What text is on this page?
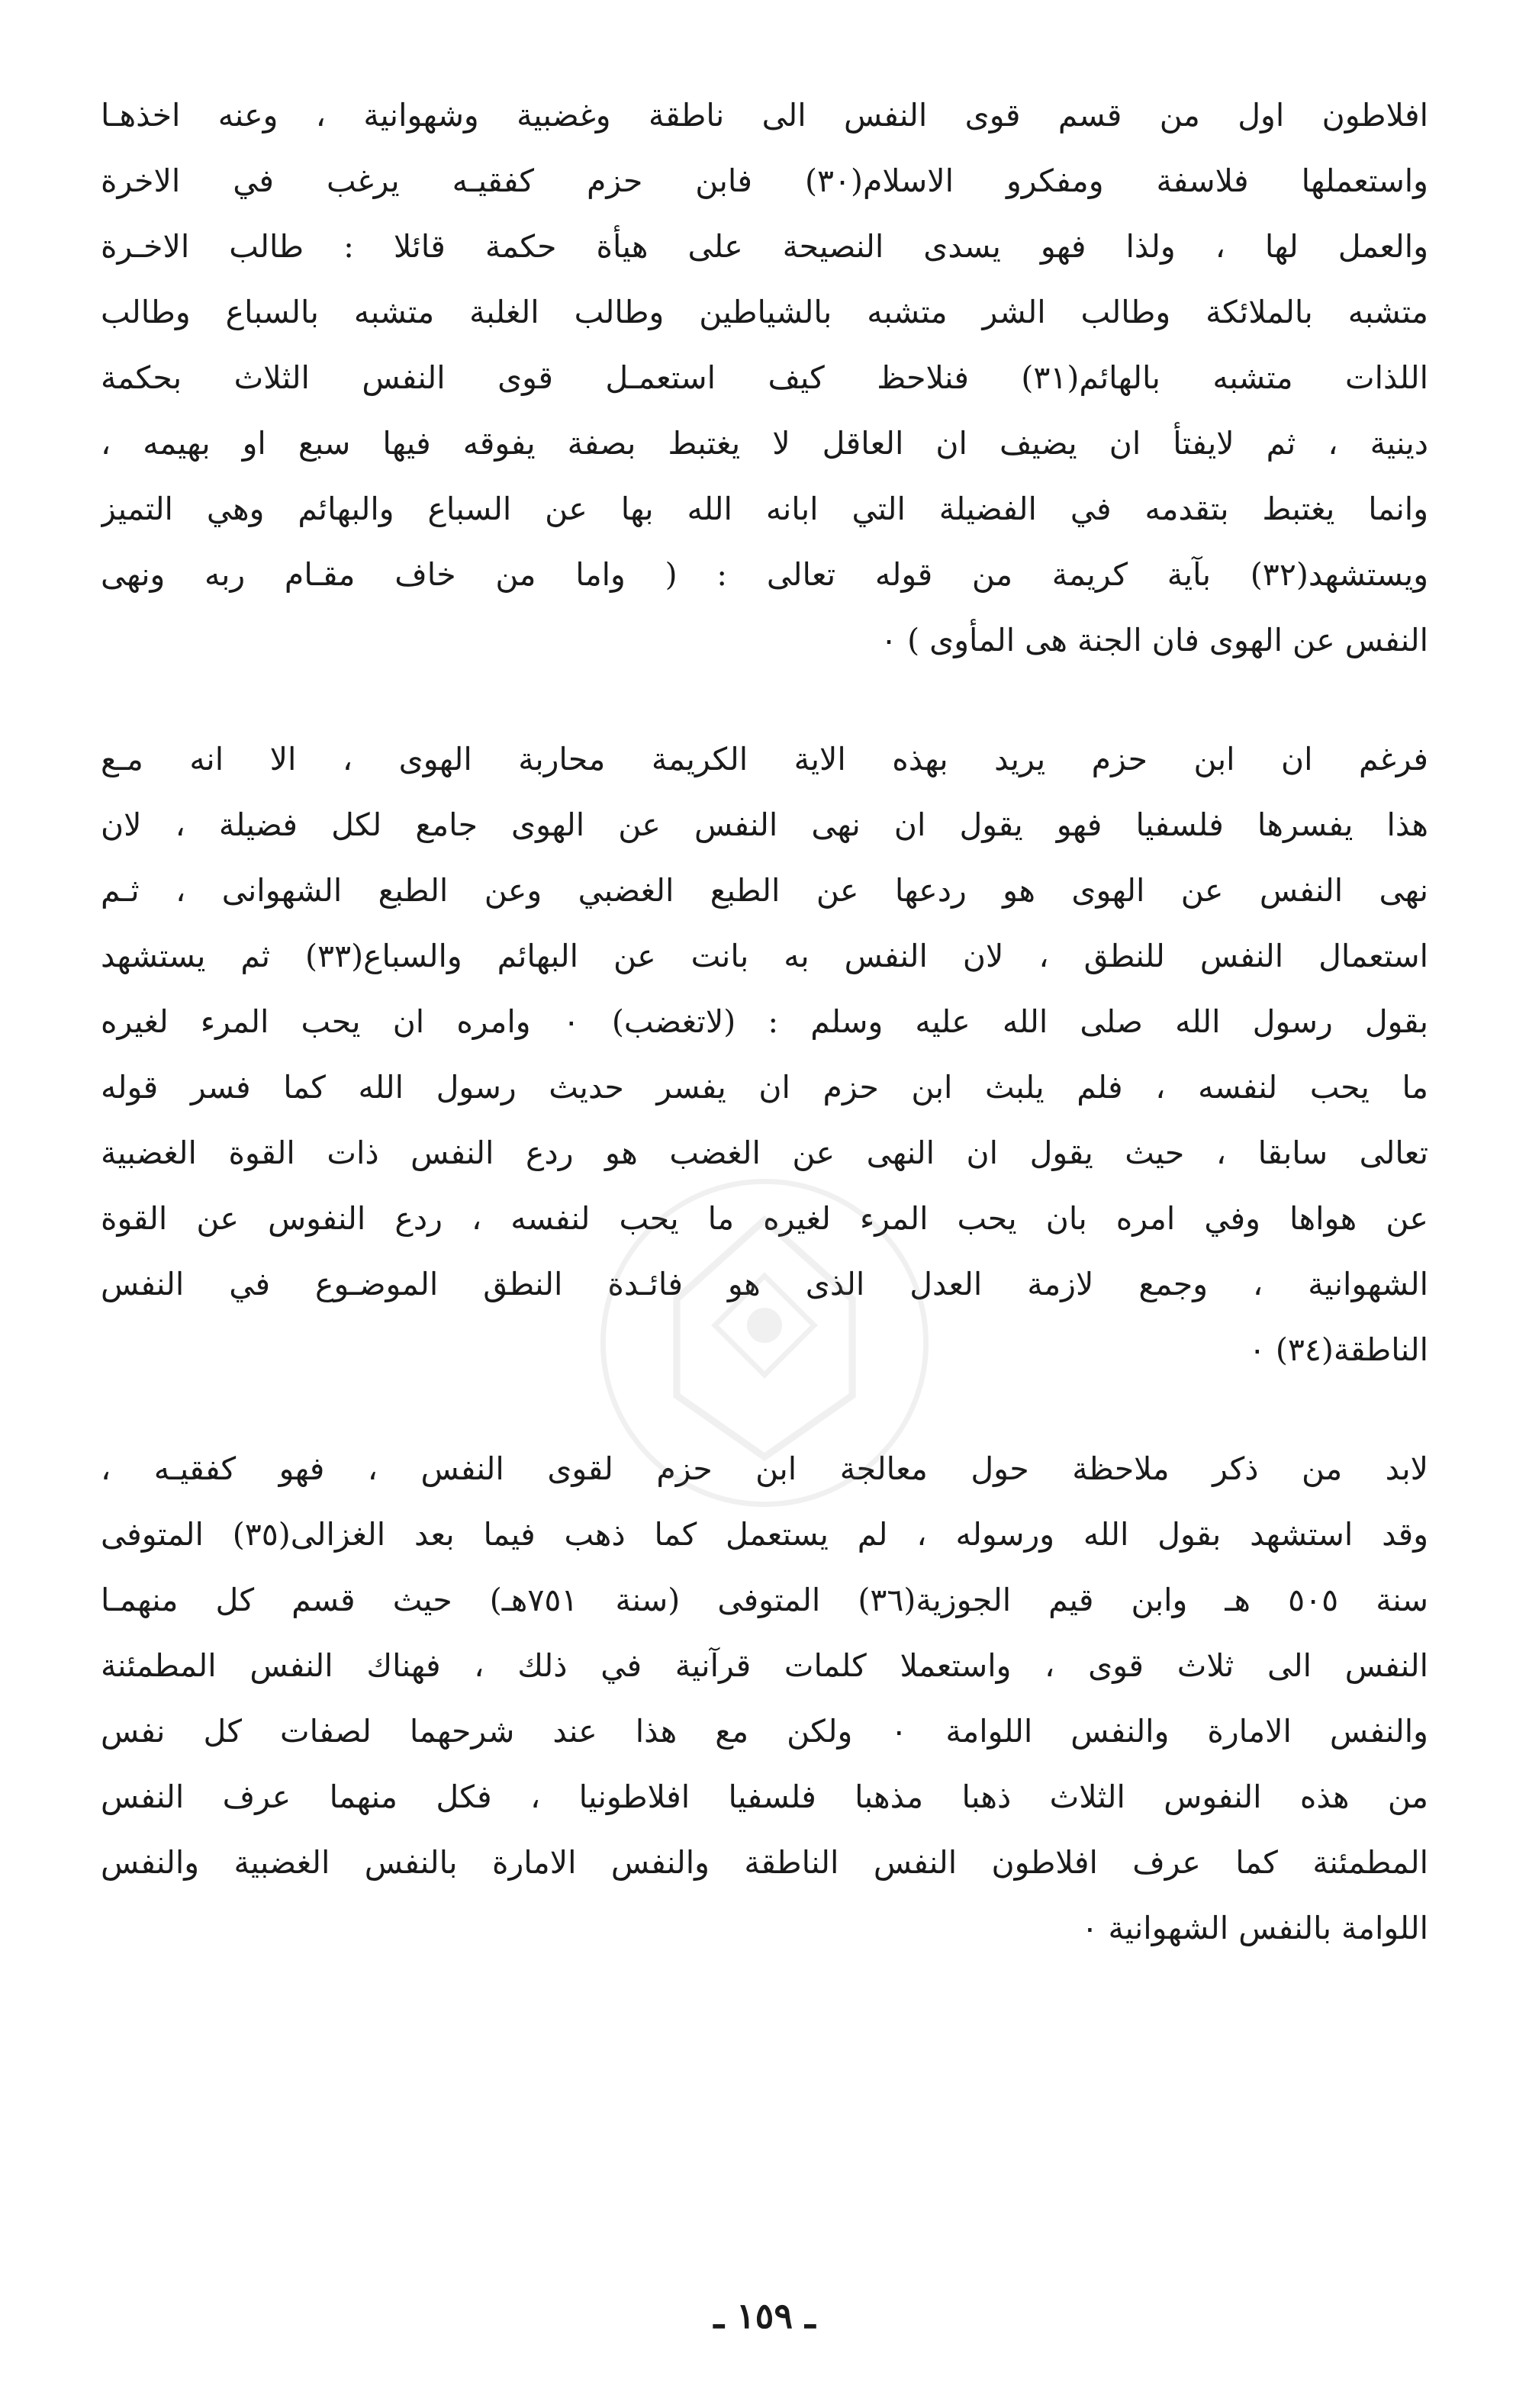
افلاطون اول من قسم قوى النفس الى ناطقة وغضبية وشهوانية ، وعنه اخذهـا
واستعملها فلاسفة ومفكرو الاسلام(٣٠) فابن حزم كفقيـه يرغب في الاخرة
والعمل لها ، ولذا فهو يسدى النصيحة على هيأة حكمة قائلا : طالب الاخـرة
متشبه بالملائكة وطالب الشر متشبه بالشياطين وطالب الغلبة متشبه بالسباع وطالب
اللذات متشبه بالهائم(٣١) فنلاحظ كيف استعمـل قوى النفس الثلاث بحكمة
دينية ، ثم لايفتأ ان يضيف ان العاقل لا يغتبط بصفة يفوقه فيها سبع او بهيمه ،
وانما يغتبط بتقدمه في الفضيلة التي ابانه الله بها عن السباع والبهائم وهي التميز
ويستشهد(٣٢) بآية كريمة من قوله تعالى : ( واما من خاف مقـام ربه ونهى
النفس عن الهوى فان الجنة هى المأوى ) ٠
فرغم ان ابن حزم يريد بهذه الاية الكريمة محاربة الهوى ، الا انه مـع
هذا يفسرها فلسفيا فهو يقول ان نهى النفس عن الهوى جامع لكل فضيلة ، لان
نهى النفس عن الهوى هو ردعها عن الطبع الغضبي وعن الطبع الشهوانى ، ثـم
استعمال النفس للنطق ، لان النفس به بانت عن البهائم والسباع(٣٣) ثم يستشهد
بقول رسول الله صلى الله عليه وسلم : (لاتغضب) ٠ وامره ان يحب المرء لغيره
ما يحب لنفسه ، فلم يلبث ابن حزم ان يفسر حديث رسول الله كما فسر قوله
تعالى سابقا ، حيث يقول ان النهى عن الغضب هو ردع النفس ذات القوة الغضبية
عن هواها وفي امره بان يحب المرء لغيره ما يحب لنفسه ، ردع النفوس عن القوة
الشهوانية ، وجمع لازمة العدل الذى هو فائـدة النطق الموضـوع في النفس
الناطقة(٣٤) ٠
لابد من ذكر ملاحظة حول معالجة ابن حزم لقوى النفس ، فهو كفقيـه ،
وقد استشهد بقول الله ورسوله ، لم يستعمل كما ذهب فيما بعد الغزالى(٣٥) المتوفى
سنة ٥٠٥ هـ وابن قيم الجوزية(٣٦) المتوفى (سنة ٧٥١هـ) حيث قسم كل منهمـا
النفس الى ثلاث قوى ، واستعملا كلمات قرآنية في ذلك ، فهناك النفس المطمئنة
والنفس الامارة والنفس اللوامة ٠ ولكن مع هذا عند شرحهما لصفات كل نفس
من هذه النفوس الثلاث ذهبا مذهبا فلسفيا افلاطونيا ، فكل منهما عرف النفس
المطمئنة كما عرف افلاطون النفس الناطقة والنفس الامارة بالنفس الغضبية والنفس
اللوامة بالنفس الشهوانية ٠
ـ ١٥٩ ـ
